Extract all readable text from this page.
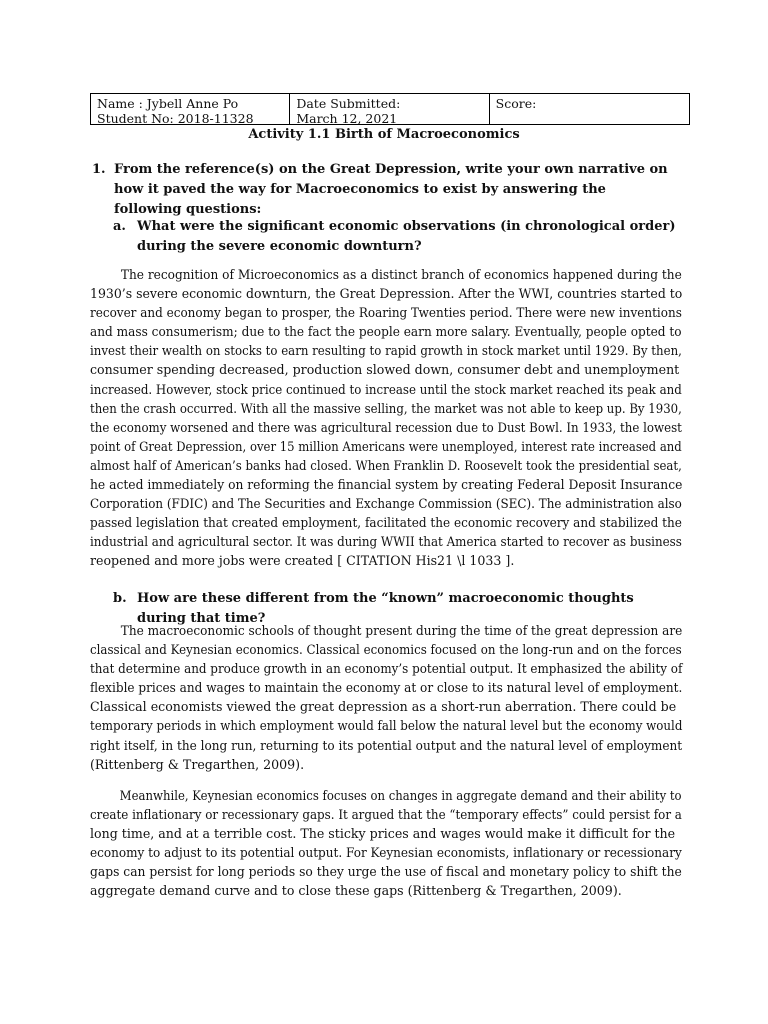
Name : Jybell Anne Po
Student No: 2018-11328
Date Submitted:
March 12, 2021
Score:
Activity 1.1 Birth of Macroeconomics
1. From the reference(s) on the Great Depression, write your own narrative on how it paved the way for Macroeconomics to exist by answering the following questions:
a. What were the significant economic observations (in chronological order) during the severe economic downturn?
The recognition of Microeconomics as a distinct branch of economics happened during the
1930’s severe economic downturn, the Great Depression. After the WWI, countries started to
recover and economy began to prosper, the Roaring Twenties period. There were new inventions
and mass consumerism; due to the fact the people earn more salary. Eventually, people opted to
invest their wealth on stocks to earn resulting to rapid growth in stock market until 1929. By then,
consumer spending decreased, production slowed down, consumer debt and unemployment
increased. However, stock price continued to increase until the stock market reached its peak and
then the crash occurred. With all the massive selling, the market was not able to keep up. By 1930,
the economy worsened and there was agricultural recession due to Dust Bowl. In 1933, the lowest
point of Great Depression, over 15 million Americans were unemployed, interest rate increased and
almost half of American’s banks had closed. When Franklin D. Roosevelt took the presidential seat,
he acted immediately on reforming the financial system by creating Federal Deposit Insurance
Corporation (FDIC) and The Securities and Exchange Commission (SEC). The administration also
passed legislation that created employment, facilitated the economic recovery and stabilized the
industrial and agricultural sector. It was during WWII that America started to recover as business
reopened and more jobs were created [ CITATION His21 \l 1033 ].
b. How are these different from the “known” macroeconomic thoughts during that time?
The macroeconomic schools of thought present during the time of the great depression are
classical and Keynesian economics. Classical economics focused on the long-run and on the forces
that determine and produce growth in an economy’s potential output. It emphasized the ability of
flexible prices and wages to maintain the economy at or close to its natural level of employment.
Classical economists viewed the great depression as a short-run aberration. There could be
temporary periods in which employment would fall below the natural level but the economy would
right itself, in the long run, returning to its potential output and the natural level of employment
(Rittenberg & Tregarthen, 2009).
Meanwhile, Keynesian economics focuses on changes in aggregate demand and their ability to
create inflationary or recessionary gaps. It argued that the “temporary effects” could persist for a
long time, and at a terrible cost. The sticky prices and wages would make it difficult for the
economy to adjust to its potential output. For Keynesian economists, inflationary or recessionary
gaps can persist for long periods so they urge the use of fiscal and monetary policy to shift the
aggregate demand curve and to close these gaps (Rittenberg & Tregarthen, 2009).
